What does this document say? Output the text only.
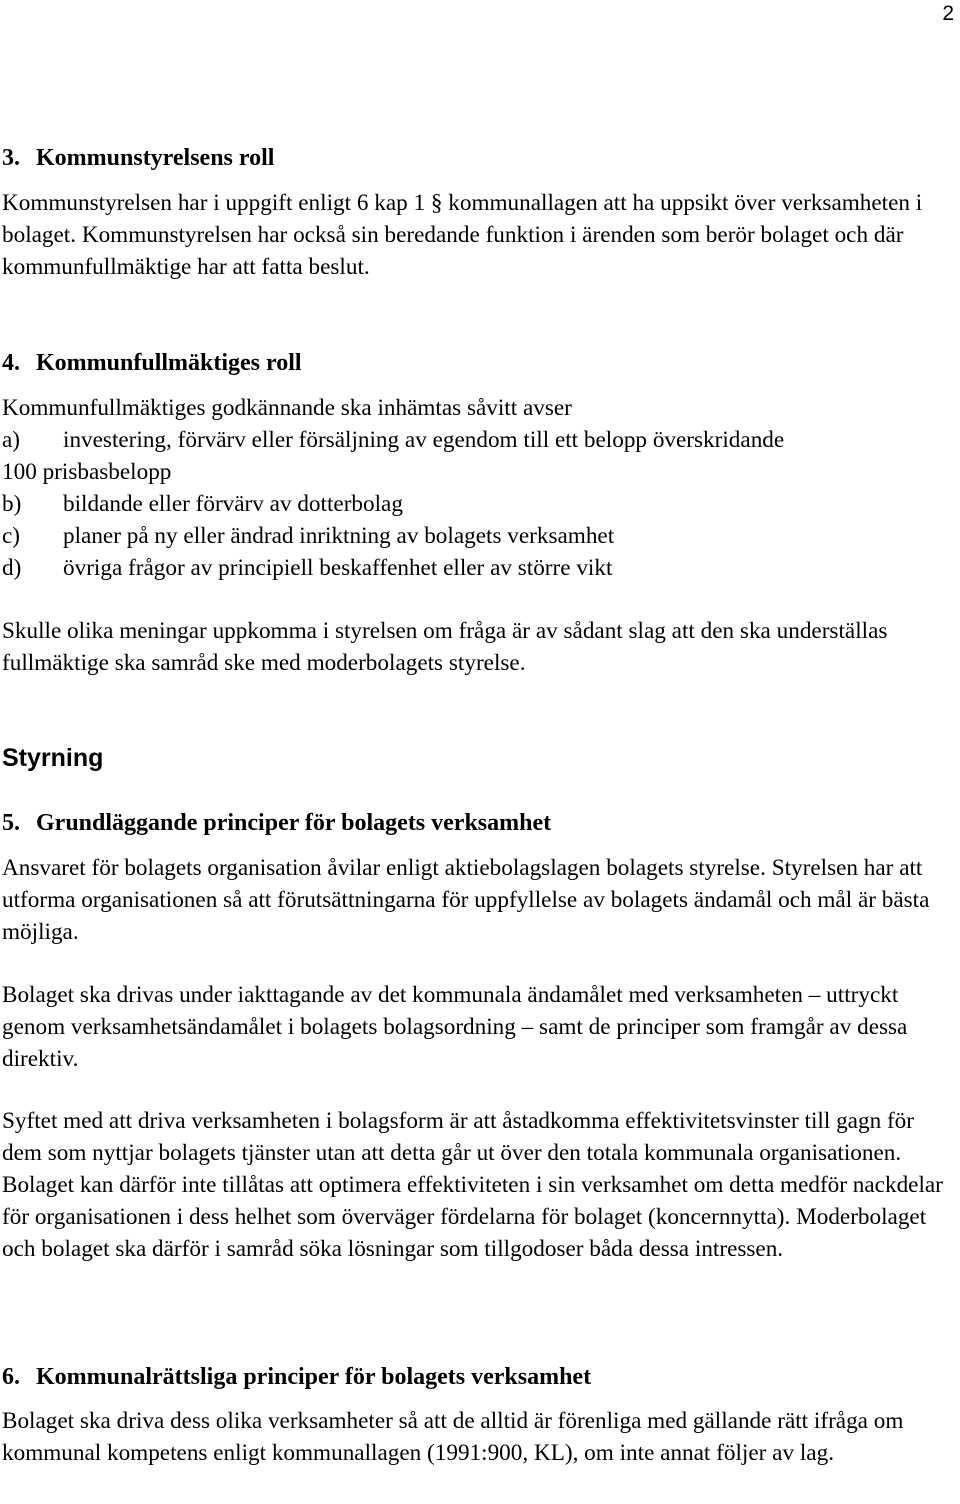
2
3. Kommunstyrelsens roll

Kommunstyrelsen har i uppgift enligt 6 kap 1 § kommunallagen att ha uppsikt över verksamheten i bolaget. Kommunstyrelsen har också sin beredande funktion i ärenden som berör bolaget och där kommunfullmäktige har att fatta beslut.

4. Kommunfullmäktiges roll

Kommunfullmäktiges godkännande ska inhämtas såvitt avser

a)	investering, förvärv eller försäljning av egendom till ett belopp överskridande
100 prisbasbelopp
b)	bildande eller förvärv av dotterbolag
c)	planer på ny eller ändrad inriktning av bolagets verksamhet
d)	övriga frågor av principiell beskaffenhet eller av större vikt

Skulle olika meningar uppkomma i styrelsen om fråga är av sådant slag att den ska underställas fullmäktige ska samråd ske med moderbolagets styrelse.

Styrning
5. Grundläggande principer för bolagets verksamhet

Ansvaret för bolagets organisation åvilar enligt aktiebolagslagen bolagets styrelse. Styrelsen har att utforma organisationen så att förutsättningarna för uppfyllelse av bolagets ändamål och mål är bästa möjliga.

Bolaget ska drivas under iakttagande av det kommunala ändamålet med verksamheten – uttryckt genom verksamhetsändamålet i bolagets bolagsordning – samt de principer som framgår av dessa direktiv.

Syftet med att driva verksamheten i bolagsform är att åstadkomma effektivitetsvinster till gagn för dem som nyttjar bolagets tjänster utan att detta går ut över den totala kommunala organisationen. Bolaget kan därför inte tillåtas att optimera effektiviteten i sin verksamhet om detta medför nackdelar för organisationen i dess helhet som överväger fördelarna för bolaget (koncernnytta). Moderbolaget och bolaget ska därför i samråd söka lösningar som tillgodoser båda dessa intressen.

6. Kommunalrättsliga principer för bolagets verksamhet

Bolaget ska driva dess olika verksamheter så att de alltid är förenliga med gällande rätt ifråga om kommunal kompetens enligt kommunallagen (1991:900, KL), om inte annat följer av lag.
